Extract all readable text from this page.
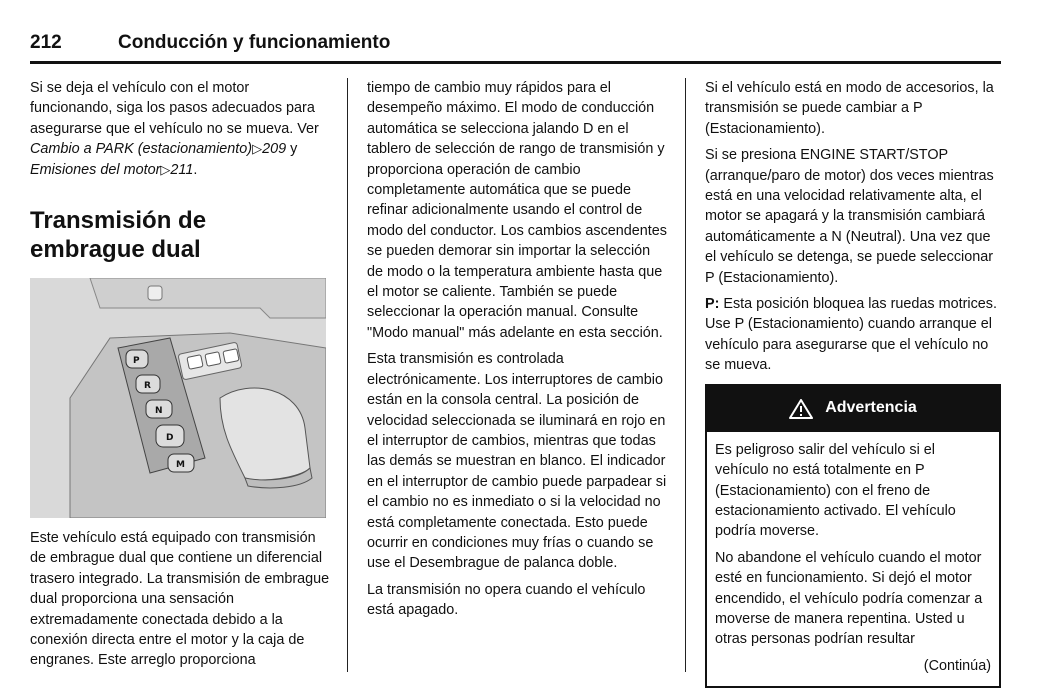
212	Conducción y funcionamiento

Si se deja el vehículo con el motor funcionando, siga los pasos adecuados para asegurarse que el vehículo no se mueva. Ver Cambio a PARK (estacionamiento)▷209 y Emisiones del motor▷211.

Transmisión de embrague dual
P
R
N
D
M

Este vehículo está equipado con transmisión de embrague dual que contiene un diferencial trasero integrado. La transmisión de embrague dual proporciona una sensación extremadamente conectada debido a la conexión directa entre el motor y la caja de engranes. Este arreglo proporciona

tiempo de cambio muy rápidos para el desempeño máximo. El modo de conducción automática se selecciona jalando D en el tablero de selección de rango de transmisión y proporciona operación de cambio completamente automática que se puede refinar adicionalmente usando el control de modo del conductor. Los cambios ascendentes se pueden demorar sin importar la selección de modo o la temperatura ambiente hasta que el motor se caliente. También se puede seleccionar la operación manual. Consulte "Modo manual" más adelante en esta sección.

Esta transmisión es controlada electrónicamente. Los interruptores de cambio están en la consola central. La posición de velocidad seleccionada se iluminará en rojo en el interruptor de cambios, mientras que todas las demás se muestran en blanco. El indicador en el interruptor de cambio puede parpadear si el cambio no es inmediato o si la velocidad no está completamente conectada. Esto puede ocurrir en condiciones muy frías o cuando se use el Desembrague de palanca doble.

La transmisión no opera cuando el vehículo está apagado.

Si el vehículo está en modo de accesorios, la transmisión se puede cambiar a P (Estacionamiento).

Si se presiona ENGINE START/STOP (arranque/paro de motor) dos veces mientras está en una velocidad relativamente alta, el motor se apagará y la transmisión cambiará automáticamente a N (Neutral). Una vez que el vehículo se detenga, se puede seleccionar P (Estacionamiento).

P: Esta posición bloquea las ruedas motrices. Use P (Estacionamiento) cuando arranque el vehículo para asegurarse que el vehículo no se mueva.

Advertencia

Es peligroso salir del vehículo si el vehículo no está totalmente en P (Estacionamiento) con el freno de estacionamiento activado. El vehículo podría moverse.

No abandone el vehículo cuando el motor esté en funcionamiento. Si dejó el motor encendido, el vehículo podría comenzar a moverse de manera repentina. Usted u otras personas podrían resultar

(Continúa)
